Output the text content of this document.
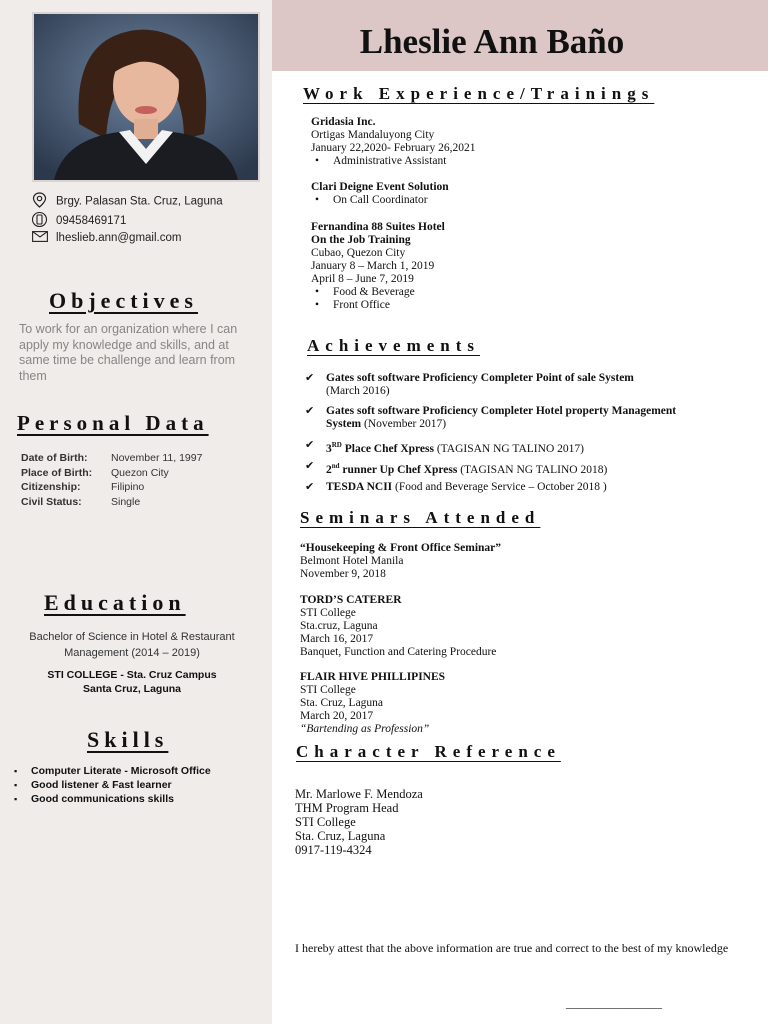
Lheslie Ann Baño
Brgy. Palasan Sta. Cruz, Laguna
09458469171
lheslieb.ann@gmail.com
Objectives
To work for an organization where I can apply my knowledge and skills, and at same time be challenge and learn from them
Personal Data
Date of Birth: November 11, 1997
Place of Birth: Quezon City
Citizenship:	Filipino
Civil Status:	Single
Education
Bachelor of Science in Hotel & Restaurant Management (2014 – 2019)
STI COLLEGE - Sta. Cruz Campus
Santa Cruz, Laguna
Skills
▪ Computer Literate - Microsoft Office
▪ Good listener & Fast learner
▪ Good communications skills
Work Experience/Trainings
Gridasia Inc.
Ortigas Mandaluyong City
January 22,2020- February 26,2021
• Administrative Assistant
Clari Deigne Event Solution
• On Call Coordinator
Fernandina 88 Suites Hotel
On the Job Training
Cubao, Quezon City
January 8 – March 1, 2019
April 8 – June 7, 2019
• Food & Beverage
• Front Office
Achievements
✔ Gates soft software Proficiency Completer Point of sale System
(March 2016)
✔ Gates soft software Proficiency Completer Hotel property Management System (November 2017)
✔ 3RD Place Chef Xpress (TAGISAN NG TALINO 2017)
✔ 2nd runner Up Chef Xpress (TAGISAN NG TALINO 2018)
✔ TESDA NCII (Food and Beverage Service – October 2018 )
Seminars Attended
“Housekeeping & Front Office Seminar”
Belmont Hotel Manila
November 9, 2018
TORD’S CATERER
STI College
Sta.cruz, Laguna
March 16, 2017
Banquet, Function and Catering Procedure
FLAIR HIVE PHILLIPINES
STI College
Sta. Cruz, Laguna
March 20, 2017
“Bartending as Profession”
Character Reference
Mr. Marlowe F. Mendoza
THM Program Head
STI College
Sta. Cruz, Laguna
0917-119-4324
I hereby attest that the above information are true and correct to the best of my knowledge
________________
